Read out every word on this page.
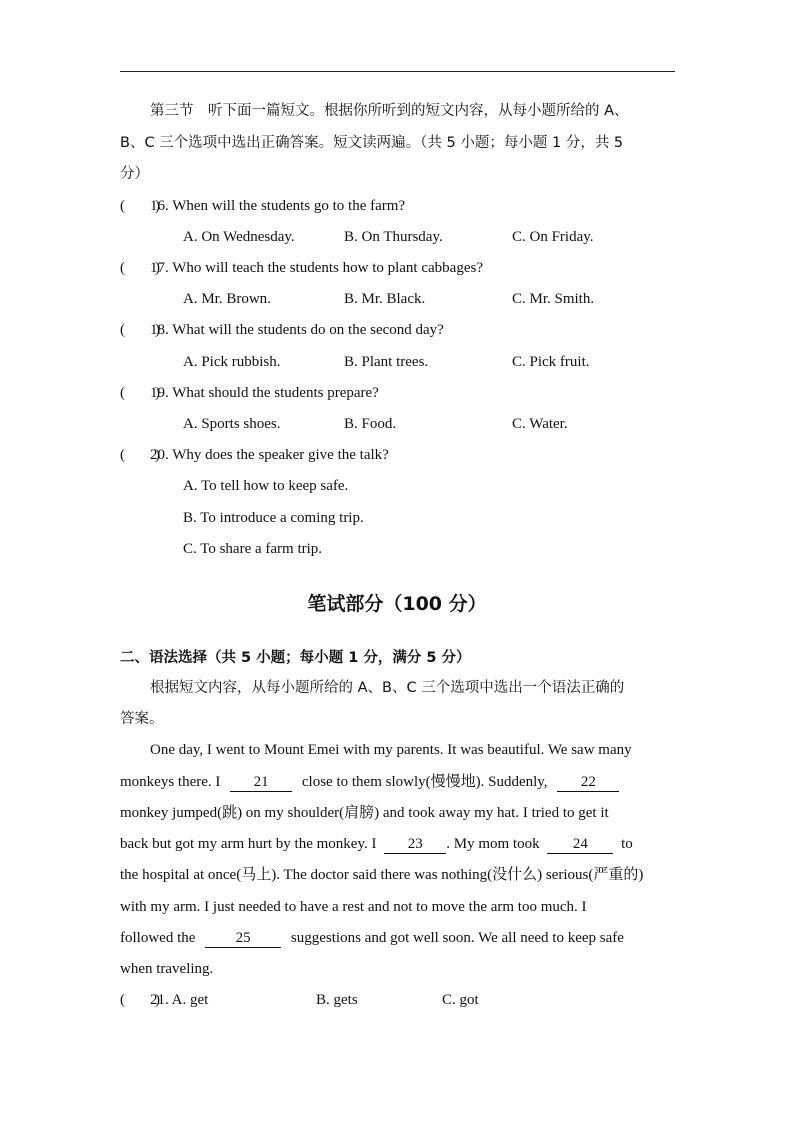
第三节　听下面一篇短文。根据你所听到的短文内容，从每小题所给的 A、
B、C 三个选项中选出正确答案。短文读两遍。（共 5 小题；每小题 1 分，共 5
分）
(　　)16. When will the students go to the farm?
A. On Wednesday.	B. On Thursday.	C. On Friday.
(　　)17. Who will teach the students how to plant cabbages?
A. Mr. Brown.	B. Mr. Black.	C. Mr. Smith.
(　　)18. What will the students do on the second day?
A. Pick rubbish.	B. Plant trees.	C. Pick fruit.
(　　)19. What should the students prepare?
A. Sports shoes.	B. Food.	C. Water.
(　　)20. Why does the speaker give the talk?
A. To tell how to keep safe.
B. To introduce a coming trip.
C. To share a farm trip.
笔试部分（100 分）
二、语法选择（共 5 小题；每小题 1 分，满分 5 分）
根据短文内容，从每小题所给的 A、B、C 三个选项中选出一个语法正确的
答案。
One day, I went to Mount Emei with my parents. It was beautiful. We saw many
monkeys there. I 21 close to them slowly(慢慢地). Suddenly, 22
monkey jumped(跳) on my shoulder(肩膀) and took away my hat. I tried to get it
back but got my arm hurt by the monkey. I 23 . My mom took 24 to
the hospital at once(马上). The doctor said there was nothing(没什么) serious(严重的)
with my arm. I just needed to have a rest and not to move the arm too much. I
followed the	25	suggestions and got well soon. We all need to keep safe
when traveling.
(　　)21. A. get	B. gets	C. got
